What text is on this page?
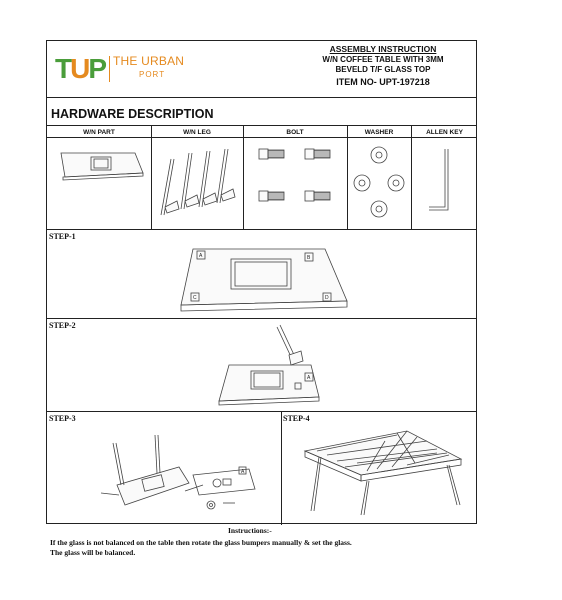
TUP THE URBAN
PORT
ASSEMBLY INSTRUCTION
W/N COFFEE TABLE WITH 3MM
BEVELD T/F GLASS TOP
ITEM NO- UPT-197218
HARDWARE DESCRIPTION
W/N PART	W/N LEG	BOLT	WASHER	ALLEN KEY
STEP-1
A	B
C	D
STEP-2
A
STEP-3
A
STEP-4
Instructions:-
If the glass is not balanced on the table then rotate the glass bumpers manually & set the glass.
The glass will be balanced.
